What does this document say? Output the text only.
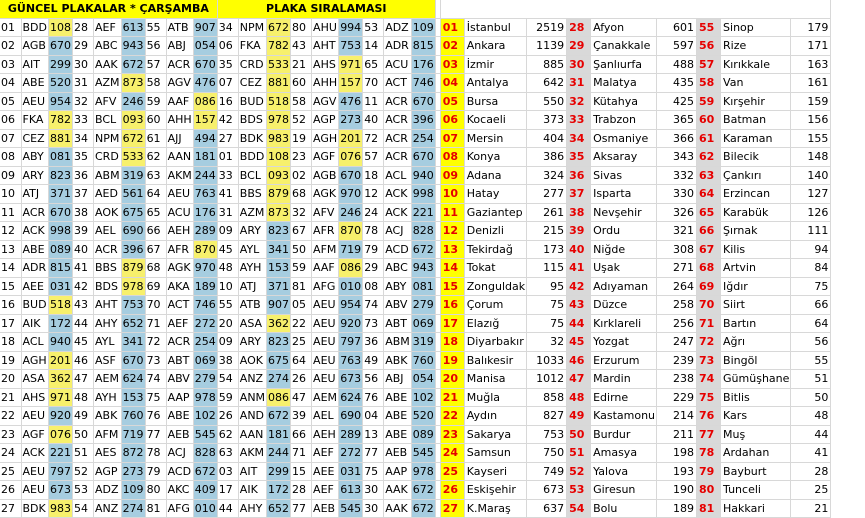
GÜNCEL PLAKALAR * ÇARŞAMBA									PLAKA SIRALAMASI																		
01	BDD	108	28	AEF	613	55	ATB	907	34	NPM	672	80	AHU	994	53	ADZ	109		01	İstanbul	2519	28	Afyon	601	55	Sinop	179
02	AGB	670	29	ABC	943	56	ABJ	054	06	FKA	782	43	AHT	753	14	ADR	815		02	Ankara	1139	29	Çanakkale	597	56	Rize	171
03	AIT	299	30	AAK	672	57	ACR	670	35	CRD	533	21	AHS	971	65	ACU	176		03	İzmir	885	30	Şanlıurfa	488	57	Kırıkkale	163
04	ABE	520	31	AZM	873	58	AGV	476	07	CEZ	881	60	AHH	157	70	ACT	746		04	Antalya	642	31	Malatya	435	58	Van	161
05	AEU	954	32	AFV	246	59	AAF	086	16	BUD	518	58	AGV	476	11	ACR	670		05	Bursa	550	32	Kütahya	425	59	Kırşehir	159
06	FKA	782	33	BCL	093	60	AHH	157	42	BDS	978	52	AGP	273	40	ACR	396		06	Kocaeli	373	33	Trabzon	365	60	Batman	156
07	CEZ	881	34	NPM	672	61	AJJ	494	27	BDK	983	19	AGH	201	72	ACR	254		07	Mersin	404	34	Osmaniye	366	61	Karaman	155
08	ABY	081	35	CRD	533	62	AAN	181	01	BDD	108	23	AGF	076	57	ACR	670		08	Konya	386	35	Aksaray	343	62	Bilecik	148
09	ARY	823	36	ABM	319	63	AKM	244	33	BCL	093	02	AGB	670	18	ACL	940		09	Adana	324	36	Sivas	332	63	Çankırı	140
10	ATJ	371	37	AED	561	64	AEU	763	41	BBS	879	68	AGK	970	12	ACK	998		10	Hatay	277	37	Isparta	330	64	Erzincan	127
11	ACR	670	38	AOK	675	65	ACU	176	31	AZM	873	32	AFV	246	24	ACK	221		11	Gaziantep	261	38	Nevşehir	326	65	Karabük	126
12	ACK	998	39	AEL	690	66	AEH	289	09	ARY	823	67	AFR	870	78	ACJ	828		12	Denizli	215	39	Ordu	321	66	Şırnak	111
13	ABE	089	40	ACR	396	67	AFR	870	45	AYL	341	50	AFM	719	79	ACD	672		13	Tekirdağ	173	40	Niğde	308	67	Kilis	94
14	ADR	815	41	BBS	879	68	AGK	970	48	AYH	153	59	AAF	086	29	ABC	943		14	Tokat	115	41	Uşak	271	68	Artvin	84
15	AEE	031	42	BDS	978	69	AKA	189	10	ATJ	371	81	AFG	010	08	ABY	081		15	Zonguldak	95	42	Adıyaman	264	69	Iğdır	75
16	BUD	518	43	AHT	753	70	ACT	746	55	ATB	907	05	AEU	954	74	ABV	279		16	Çorum	75	43	Düzce	258	70	Siirt	66
17	AIK	172	44	AHY	652	71	AEF	272	20	ASA	362	22	AEU	920	73	ABT	069		17	Elazığ	75	44	Kırklareli	256	71	Bartın	64
18	ACL	940	45	AYL	341	72	ACR	254	09	ARY	823	25	AEU	797	36	ABM	319		18	Diyarbakır	32	45	Yozgat	247	72	Ağrı	56
19	AGH	201	46	ASF	670	73	ABT	069	38	AOK	675	64	AEU	763	49	ABK	760		19	Balıkesir	1033	46	Erzurum	239	73	Bingöl	55
20	ASA	362	47	AEM	624	74	ABV	279	54	ANZ	274	26	AEU	673	56	ABJ	054		20	Manisa	1012	47	Mardin	238	74	Gümüşhane	51
21	AHS	971	48	AYH	153	75	AAP	978	59	ANM	086	47	AEM	624	76	ABE	102		21	Muğla	858	48	Edirne	229	75	Bitlis	50
22	AEU	920	49	ABK	760	76	ABE	102	26	AND	672	39	AEL	690	04	ABE	520		22	Aydın	827	49	Kastamonu	214	76	Kars	48
23	AGF	076	50	AFM	719	77	AEB	545	62	AAN	181	66	AEH	289	13	ABE	089		23	Sakarya	753	50	Burdur	211	77	Muş	44
24	ACK	221	51	AES	872	78	ACJ	828	63	AKM	244	71	AEF	272	77	AEB	545		24	Samsun	750	51	Amasya	198	78	Ardahan	41
25	AEU	797	52	AGP	273	79	ACD	672	03	AIT	299	15	AEE	031	75	AAP	978		25	Kayseri	749	52	Yalova	193	79	Bayburt	28
26	AEU	673	53	ADZ	109	80	AKC	409	17	AIK	172	28	AEF	613	30	AAK	672		26	Eskişehir	673	53	Giresun	190	80	Tunceli	25
27	BDK	983	54	ANZ	274	81	AFG	010	44	AHY	652	77	AEB	545	30	AAK	672		27	K.Maraş	637	54	Bolu	189	81	Hakkari	21
